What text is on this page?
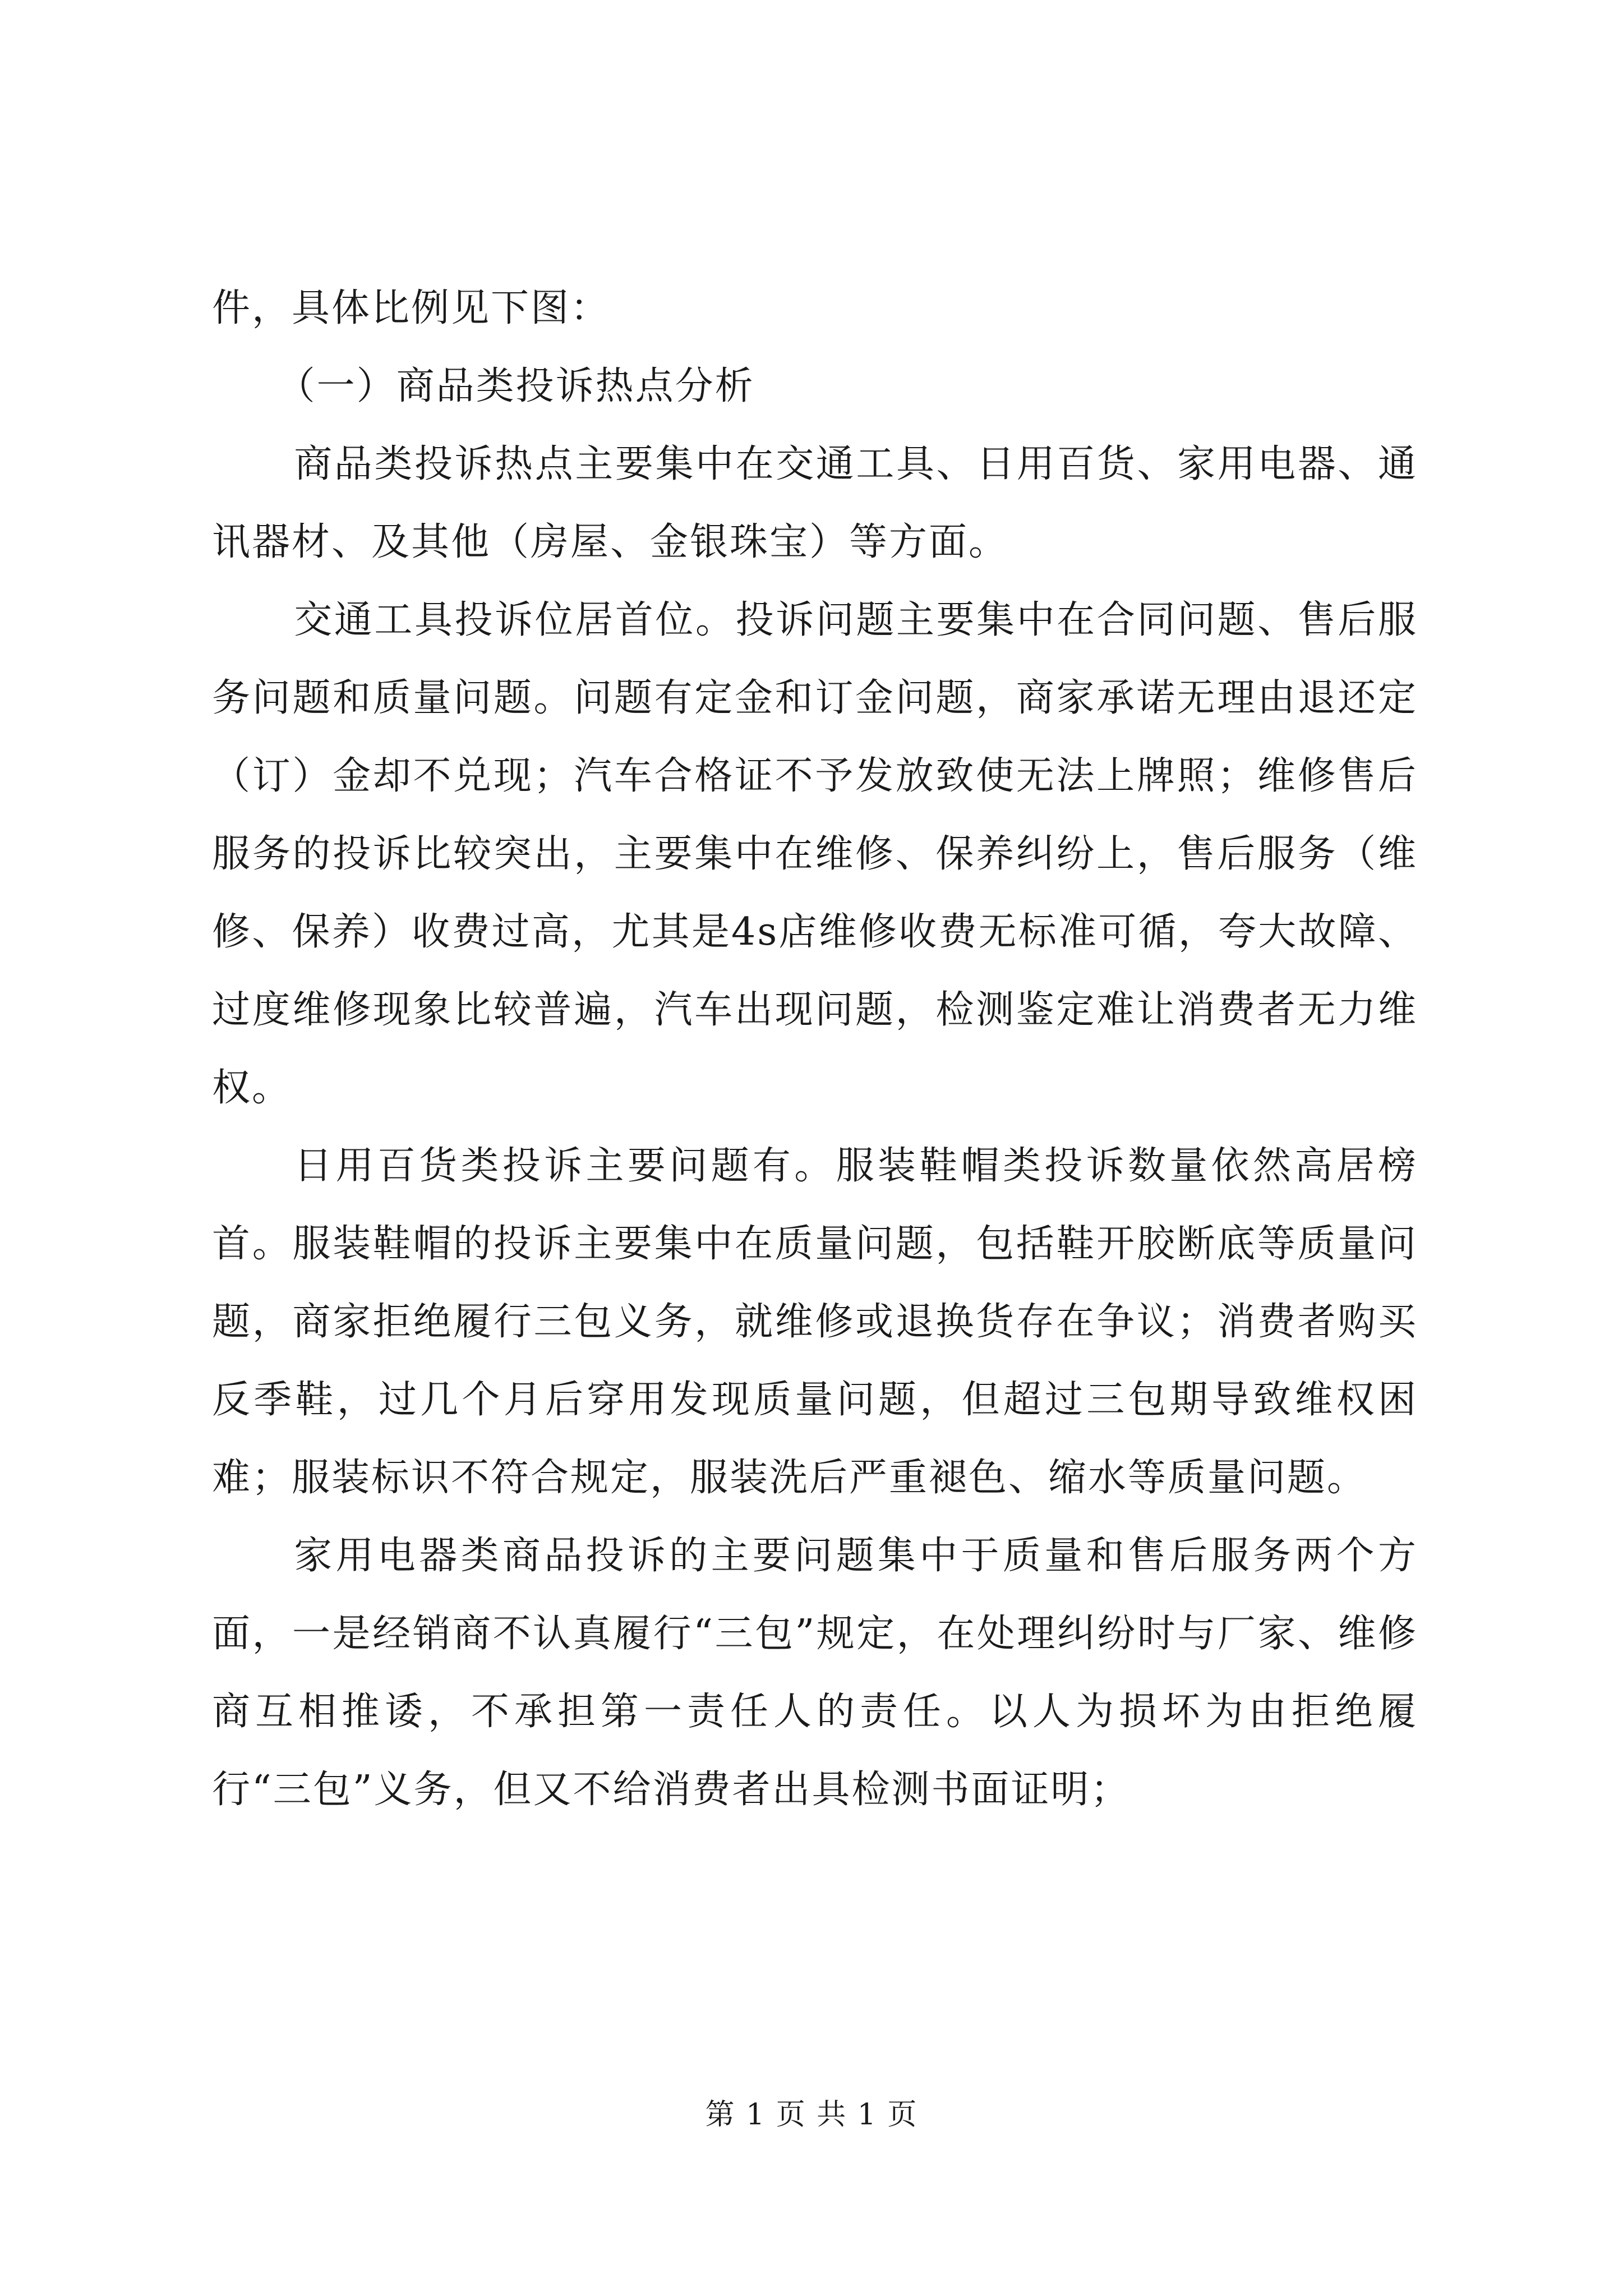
件，具体比例见下图：

（一）商品类投诉热点分析

商品类投诉热点主要集中在交通工具、日用百货、家用电器、通讯器材、及其他（房屋、金银珠宝）等方面。

交通工具投诉位居首位。投诉问题主要集中在合同问题、售后服务问题和质量问题。问题有定金和订金问题，商家承诺无理由退还定（订）金却不兑现；汽车合格证不予发放致使无法上牌照；维修售后服务的投诉比较突出，主要集中在维修、保养纠纷上，售后服务（维修、保养）收费过高，尤其是4s店维修收费无标准可循，夸大故障、过度维修现象比较普遍，汽车出现问题，检测鉴定难让消费者无力维权。

日用百货类投诉主要问题有。服装鞋帽类投诉数量依然高居榜首。服装鞋帽的投诉主要集中在质量问题，包括鞋开胶断底等质量问题，商家拒绝履行三包义务，就维修或退换货存在争议；消费者购买反季鞋，过几个月后穿用发现质量问题，但超过三包期导致维权困难；服装标识不符合规定，服装洗后严重褪色、缩水等质量问题。

家用电器类商品投诉的主要问题集中于质量和售后服务两个方面，一是经销商不认真履行“三包”规定，在处理纠纷时与厂家、维修商互相推诿，不承担第一责任人的责任。以人为损坏为由拒绝履行“三包”义务，但又不给消费者出具检测书面证明；

第 1 页 共 1 页
